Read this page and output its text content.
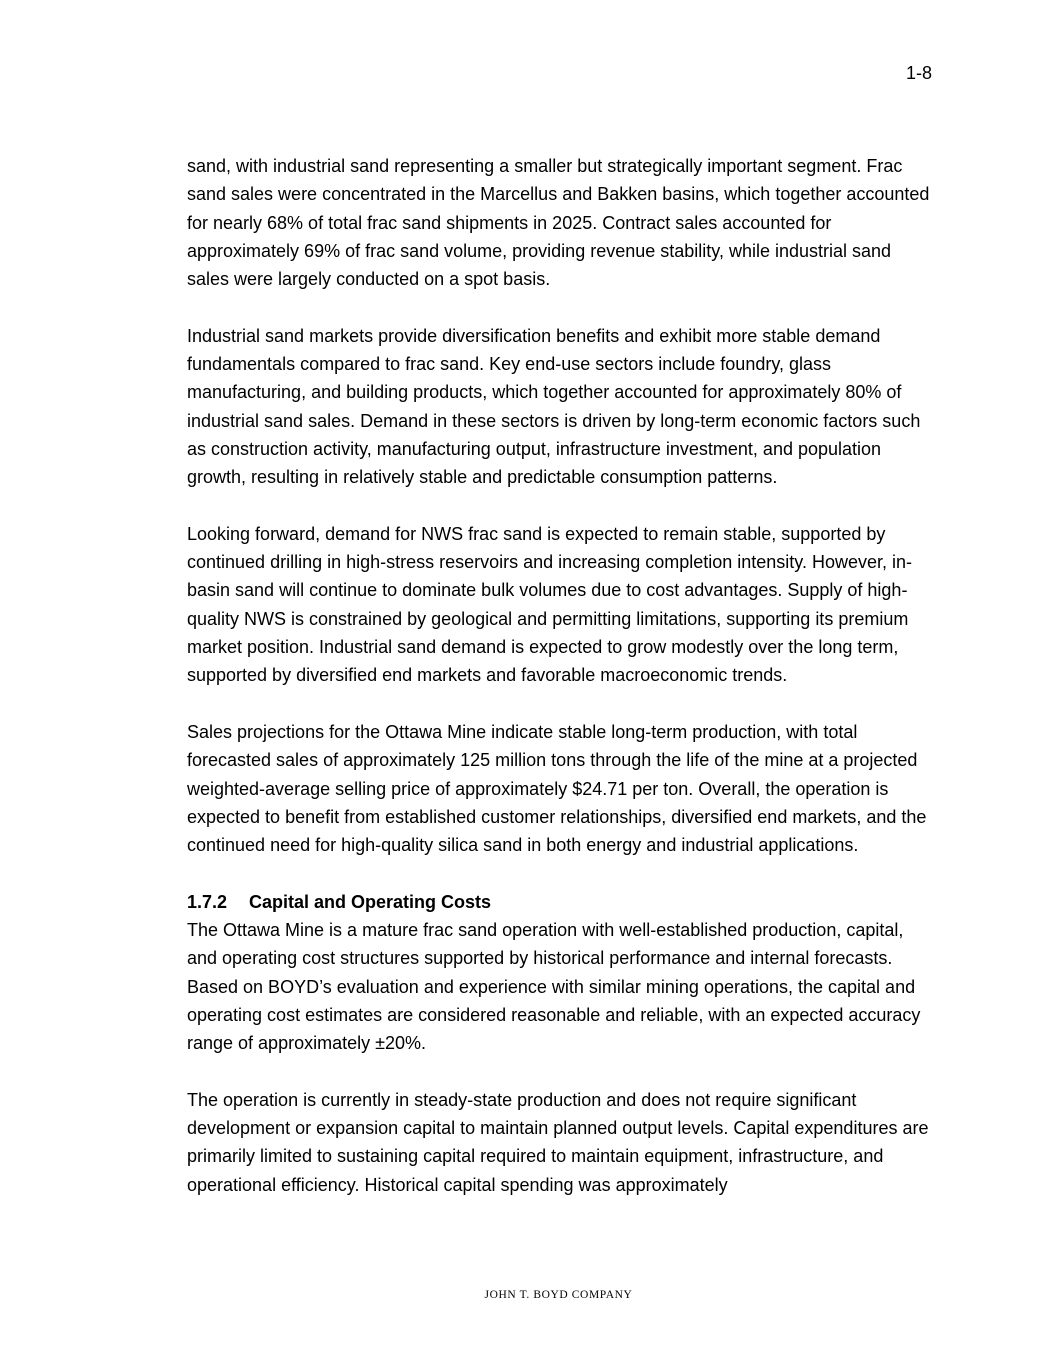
1-8

sand, with industrial sand representing a smaller but strategically important segment. Frac sand sales were concentrated in the Marcellus and Bakken basins, which together accounted for nearly 68% of total frac sand shipments in 2025. Contract sales accounted for approximately 69% of frac sand volume, providing revenue stability, while industrial sand sales were largely conducted on a spot basis.

Industrial sand markets provide diversification benefits and exhibit more stable demand fundamentals compared to frac sand. Key end-use sectors include foundry, glass manufacturing, and building products, which together accounted for approximately 80% of industrial sand sales. Demand in these sectors is driven by long-term economic factors such as construction activity, manufacturing output, infrastructure investment, and population growth, resulting in relatively stable and predictable consumption patterns.

Looking forward, demand for NWS frac sand is expected to remain stable, supported by continued drilling in high-stress reservoirs and increasing completion intensity. However, in-basin sand will continue to dominate bulk volumes due to cost advantages. Supply of high-quality NWS is constrained by geological and permitting limitations, supporting its premium market position. Industrial sand demand is expected to grow modestly over the long term, supported by diversified end markets and favorable macroeconomic trends.

Sales projections for the Ottawa Mine indicate stable long-term production, with total forecasted sales of approximately 125 million tons through the life of the mine at a projected weighted-average selling price of approximately $24.71 per ton. Overall, the operation is expected to benefit from established customer relationships, diversified end markets, and the continued need for high-quality silica sand in both energy and industrial applications.

1.7.2 Capital and Operating Costs

The Ottawa Mine is a mature frac sand operation with well-established production, capital, and operating cost structures supported by historical performance and internal forecasts. Based on BOYD’s evaluation and experience with similar mining operations, the capital and operating cost estimates are considered reasonable and reliable, with an expected accuracy range of approximately ±20%.

The operation is currently in steady-state production and does not require significant development or expansion capital to maintain planned output levels. Capital expenditures are primarily limited to sustaining capital required to maintain equipment, infrastructure, and operational efficiency. Historical capital spending was approximately

JOHN T. BOYD COMPANY
